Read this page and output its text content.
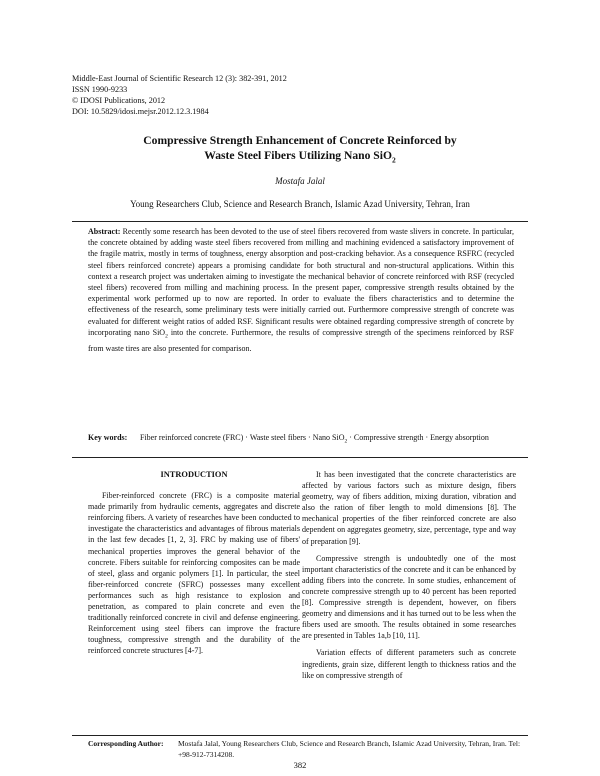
Middle-East Journal of Scientific Research 12 (3): 382-391, 2012
ISSN 1990-9233
© IDOSI Publications, 2012
DOI: 10.5829/idosi.mejsr.2012.12.3.1984
Compressive Strength Enhancement of Concrete Reinforced by
Waste Steel Fibers Utilizing Nano SiO$_2$
Mostafa Jalal
Young Researchers Club, Science and Research Branch, Islamic Azad University, Tehran, Iran
Abstract: Recently some research has been devoted to the use of steel fibers recovered from waste slivers in concrete. In particular, the concrete obtained by adding waste steel fibers recovered from milling and machining evidenced a satisfactory improvement of the fragile matrix, mostly in terms of toughness, energy absorption and post-cracking behavior. As a consequence RSFRC (recycled steel fibers reinforced concrete) appears a promising candidate for both structural and non-structural applications. Within this context a research project was undertaken aiming to investigate the mechanical behavior of concrete reinforced with RSF (recycled steel fibers) recovered from milling and machining process. In the present paper, compressive strength results obtained by the experimental work performed up to now are reported. In order to evaluate the fibers characteristics and to determine the effectiveness of the research, some preliminary tests were initially carried out. Furthermore compressive strength of concrete was evaluated for different weight ratios of added RSF. Significant results were obtained regarding compressive strength of concrete by incorporating nano SiO$_2$ into the concrete. Furthermore, the results of compressive strength of the specimens reinforced by RSF from waste tires are also presented for comparison.
Key words: Fiber reinforced concrete (FRC) · Waste steel fibers · Nano SiO$_2$ · Compressive strength · Energy absorption
INTRODUCTION

Fiber-reinforced concrete (FRC) is a composite material made primarily from hydraulic cements, aggregates and discrete reinforcing fibers. A variety of researches have been conducted to investigate the characteristics and advantages of fibrous materials in the last few decades [1, 2, 3]. FRC by making use of fibers' mechanical properties improves the general behavior of the concrete. Fibers suitable for reinforcing composites can be made of steel, glass and organic polymers [1]. In particular, the steel fiber-reinforced concrete (SFRC) possesses many excellent performances such as high resistance to explosion and penetration, as compared to plain concrete and even the traditionally reinforced concrete in civil and defense engineering. Reinforcement using steel fibers can improve the fracture toughness, compressive strength and the durability of the reinforced concrete structures [4-7].

It has been investigated that the concrete characteristics are affected by various factors such as mixture design, fibers geometry, way of fibers addition, mixing duration, vibration and also the ration of fiber length to mold dimensions [8]. The mechanical properties of the fiber reinforced concrete are also dependent on aggregates geometry, size, percentage, type and way of preparation [9].

Compressive strength is undoubtedly one of the most important characteristics of the concrete and it can be enhanced by adding fibers into the concrete. In some studies, enhancement of concrete compressive strength up to 40 percent has been reported [8]. Compressive strength is dependent, however, on fibers geometry and dimensions and it has turned out to be less when the fibers used are smooth. The results obtained in some researches are presented in Tables 1a,b [10, 11].

Variation effects of different parameters such as concrete ingredients, grain size, different length to thickness ratios and the like on compressive strength of

Corresponding Author: Mostafa Jalal, Young Researchers Club, Science and Research Branch, Islamic Azad University, Tehran, Iran. Tel: +98-912-7314208.
382
